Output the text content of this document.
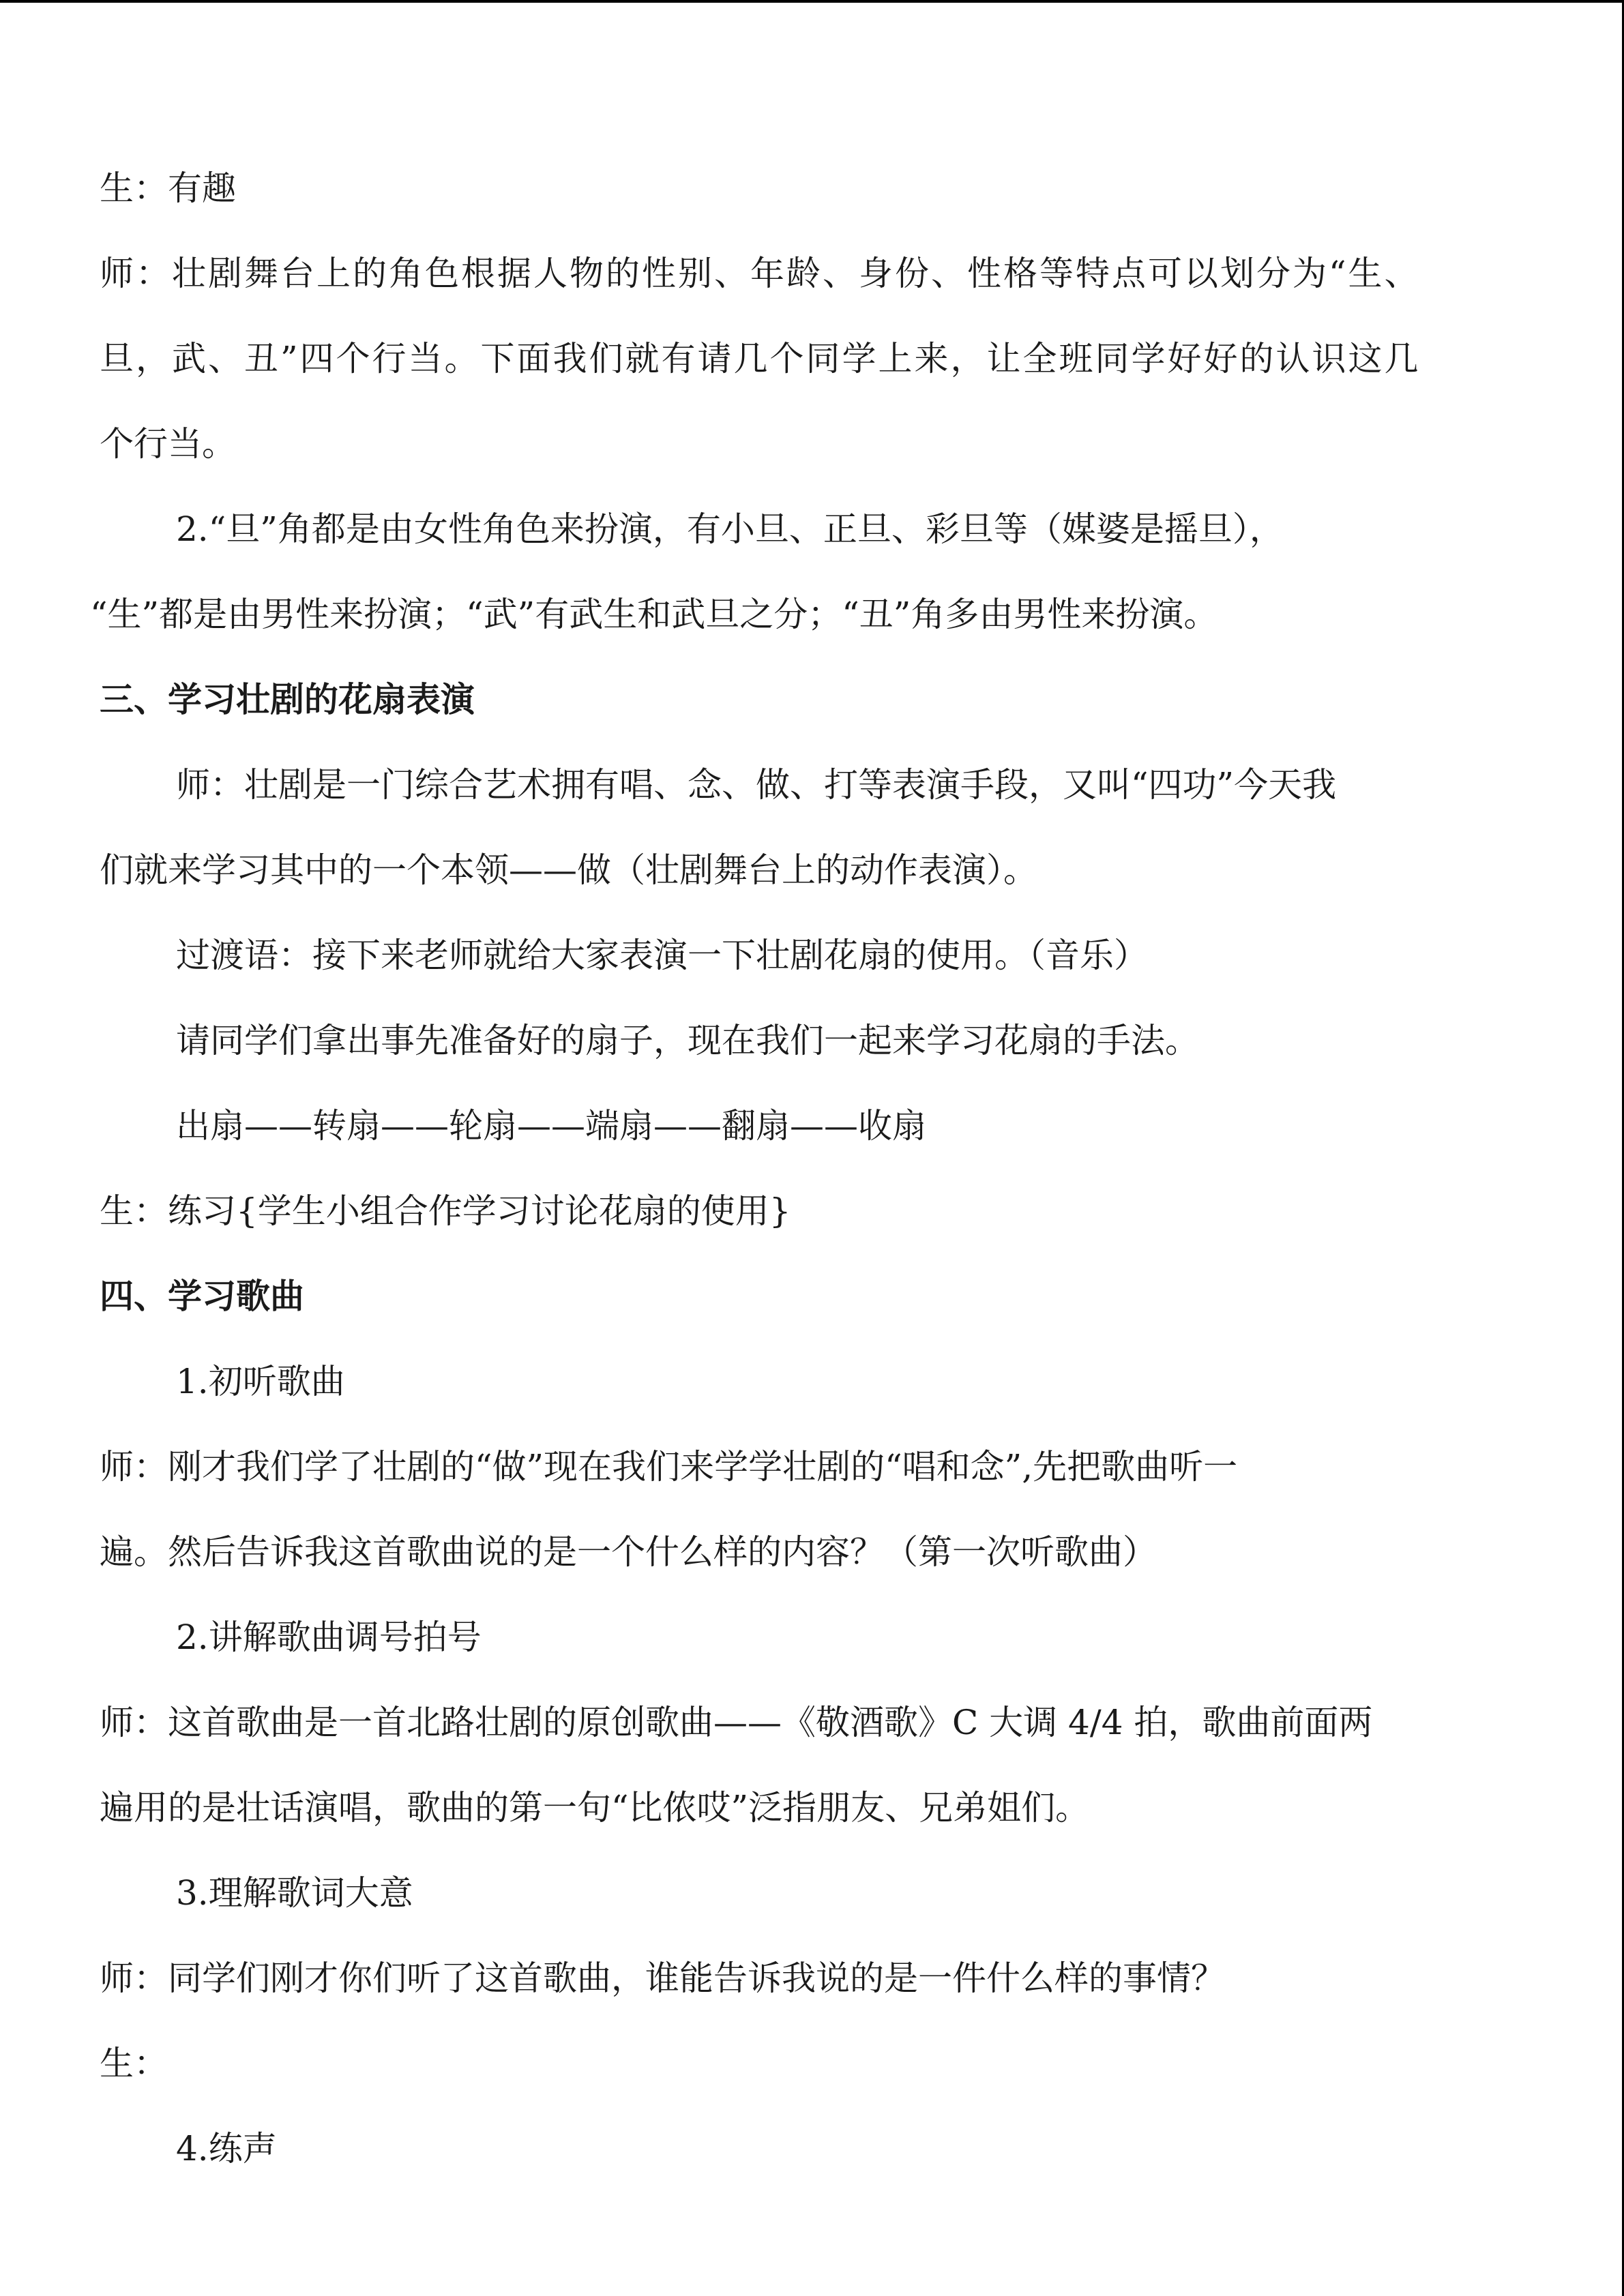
生：有趣
师：壮剧舞台上的角色根据人物的性别、年龄、身份、性格等特点可以划分为“生、
旦，武、丑”四个行当。下面我们就有请几个同学上来，让全班同学好好的认识这几
个行当。
2.“旦”角都是由女性角色来扮演，有小旦、正旦、彩旦等（媒婆是摇旦），
“生”都是由男性来扮演；“武”有武生和武旦之分；“丑”角多由男性来扮演。
三、学习壮剧的花扇表演
师：壮剧是一门综合艺术拥有唱、念、做、打等表演手段，又叫“四功”今天我
们就来学习其中的一个本领——做（壮剧舞台上的动作表演）。
过渡语：接下来老师就给大家表演一下壮剧花扇的使用。（音乐）
请同学们拿出事先准备好的扇子，现在我们一起来学习花扇的手法。
出扇——转扇——轮扇——端扇——翻扇——收扇
生：练习{学生小组合作学习讨论花扇的使用}
四、学习歌曲
1.初听歌曲
师：刚才我们学了壮剧的“做”现在我们来学学壮剧的“唱和念”,先把歌曲听一
遍。然后告诉我这首歌曲说的是一个什么样的内容？（第一次听歌曲）
2.讲解歌曲调号拍号
师：这首歌曲是一首北路壮剧的原创歌曲——《敬酒歌》C 大调 4/4 拍，歌曲前面两
遍用的是壮话演唱，歌曲的第一句“比侬哎”泛指朋友、兄弟姐们。
3.理解歌词大意
师：同学们刚才你们听了这首歌曲，谁能告诉我说的是一件什么样的事情？
生：
4.练声
